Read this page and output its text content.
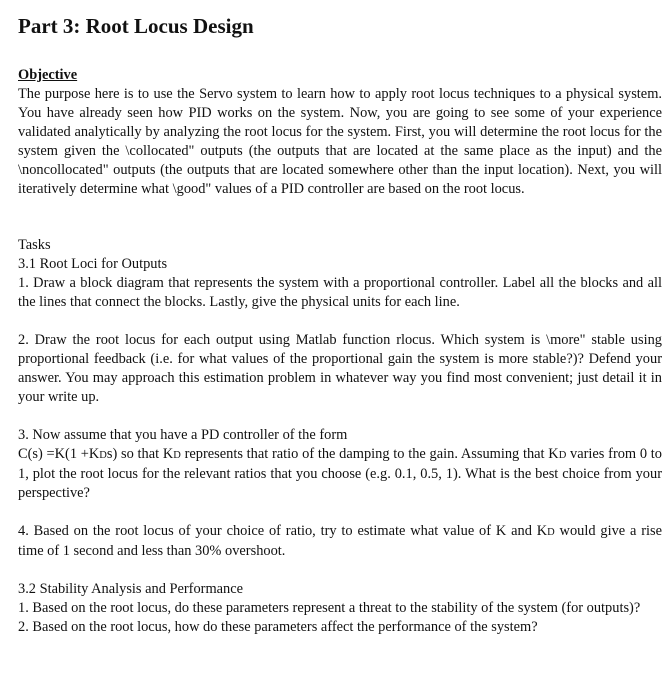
Part 3: Root Locus Design
Objective

The purpose here is to use the Servo system to learn how to apply root locus techniques to a physical system. You have already seen how PID works on the system. Now, you are going to see some of your experience validated analytically by analyzing the root locus for the system. First, you will determine the root locus for the system given the \collocated" outputs (the outputs that are located at the same place as the input) and the \noncollocated" outputs (the outputs that are located somewhere other than the input location). Next, you will iteratively determine what \good" values of a PID controller are based on the root locus.

Tasks
3.1 Root Loci for Outputs

1. Draw a block diagram that represents the system with a proportional controller. Label all the blocks and all the lines that connect the blocks. Lastly, give the physical units for each line.

2. Draw the root locus for each output using Matlab function rlocus. Which system is \more" stable using proportional feedback (i.e. for what values of the proportional gain the system is more stable?)? Defend your answer. You may approach this estimation problem in whatever way you find most convenient; just detail it in your write up.

3. Now assume that you have a PD controller of the form

C(s) =K(1 +KDs) so that KD represents that ratio of the damping to the gain. Assuming that KD varies from 0 to 1, plot the root locus for the relevant ratios that you choose (e.g. 0.1, 0.5, 1). What is the best choice from your perspective?

4. Based on the root locus of your choice of ratio, try to estimate what value of K and KD would give a rise time of 1 second and less than 30% overshoot.

3.2 Stability Analysis and Performance

1. Based on the root locus, do these parameters represent a threat to the stability of the system (for outputs)?

2. Based on the root locus, how do these parameters affect the performance of the system?
